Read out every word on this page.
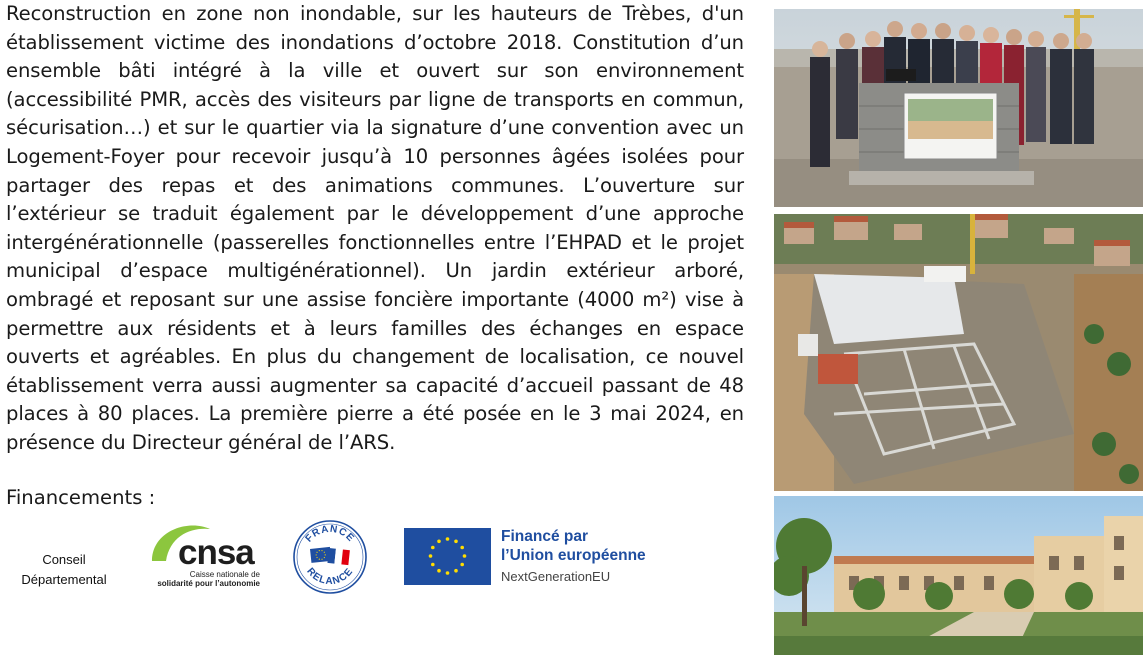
Reconstruction en zone non inondable, sur les hauteurs de Trèbes, d'un établissement victime des inondations d’octobre 2018. Constitution d’un ensemble bâti intégré à la ville et ouvert sur son environnement (accessibilité PMR, accès des visiteurs par ligne de transports en commun, sécurisation…) et sur le quartier via la signature d’une convention avec un Logement-Foyer pour recevoir jusqu’à 10 personnes âgées isolées pour partager des repas et des animations communes. L’ouverture sur l’extérieur se traduit également par le développement d’une approche intergénérationnelle (passerelles fonctionnelles entre l’EHPAD et le projet municipal d’espace multigénérationnel). Un jardin extérieur arboré, ombragé et reposant sur une assise foncière importante (4000 m²) vise à permettre aux résidents et à leurs familles des échanges en espace ouverts et agréables. En plus du changement de localisation, ce nouvel établissement verra aussi augmenter sa capacité d’accueil passant de 48 places à 80 places. La première pierre a été posée en le 3 mai 2024, en présence du Directeur général de l’ARS.

Financements :

Conseil
Départemental
cnsa
Caisse nationale de
solidarité pour l’autonomie
FRANCE
RELANCE
Financé par
l’Union européenne
NextGenerationEU
